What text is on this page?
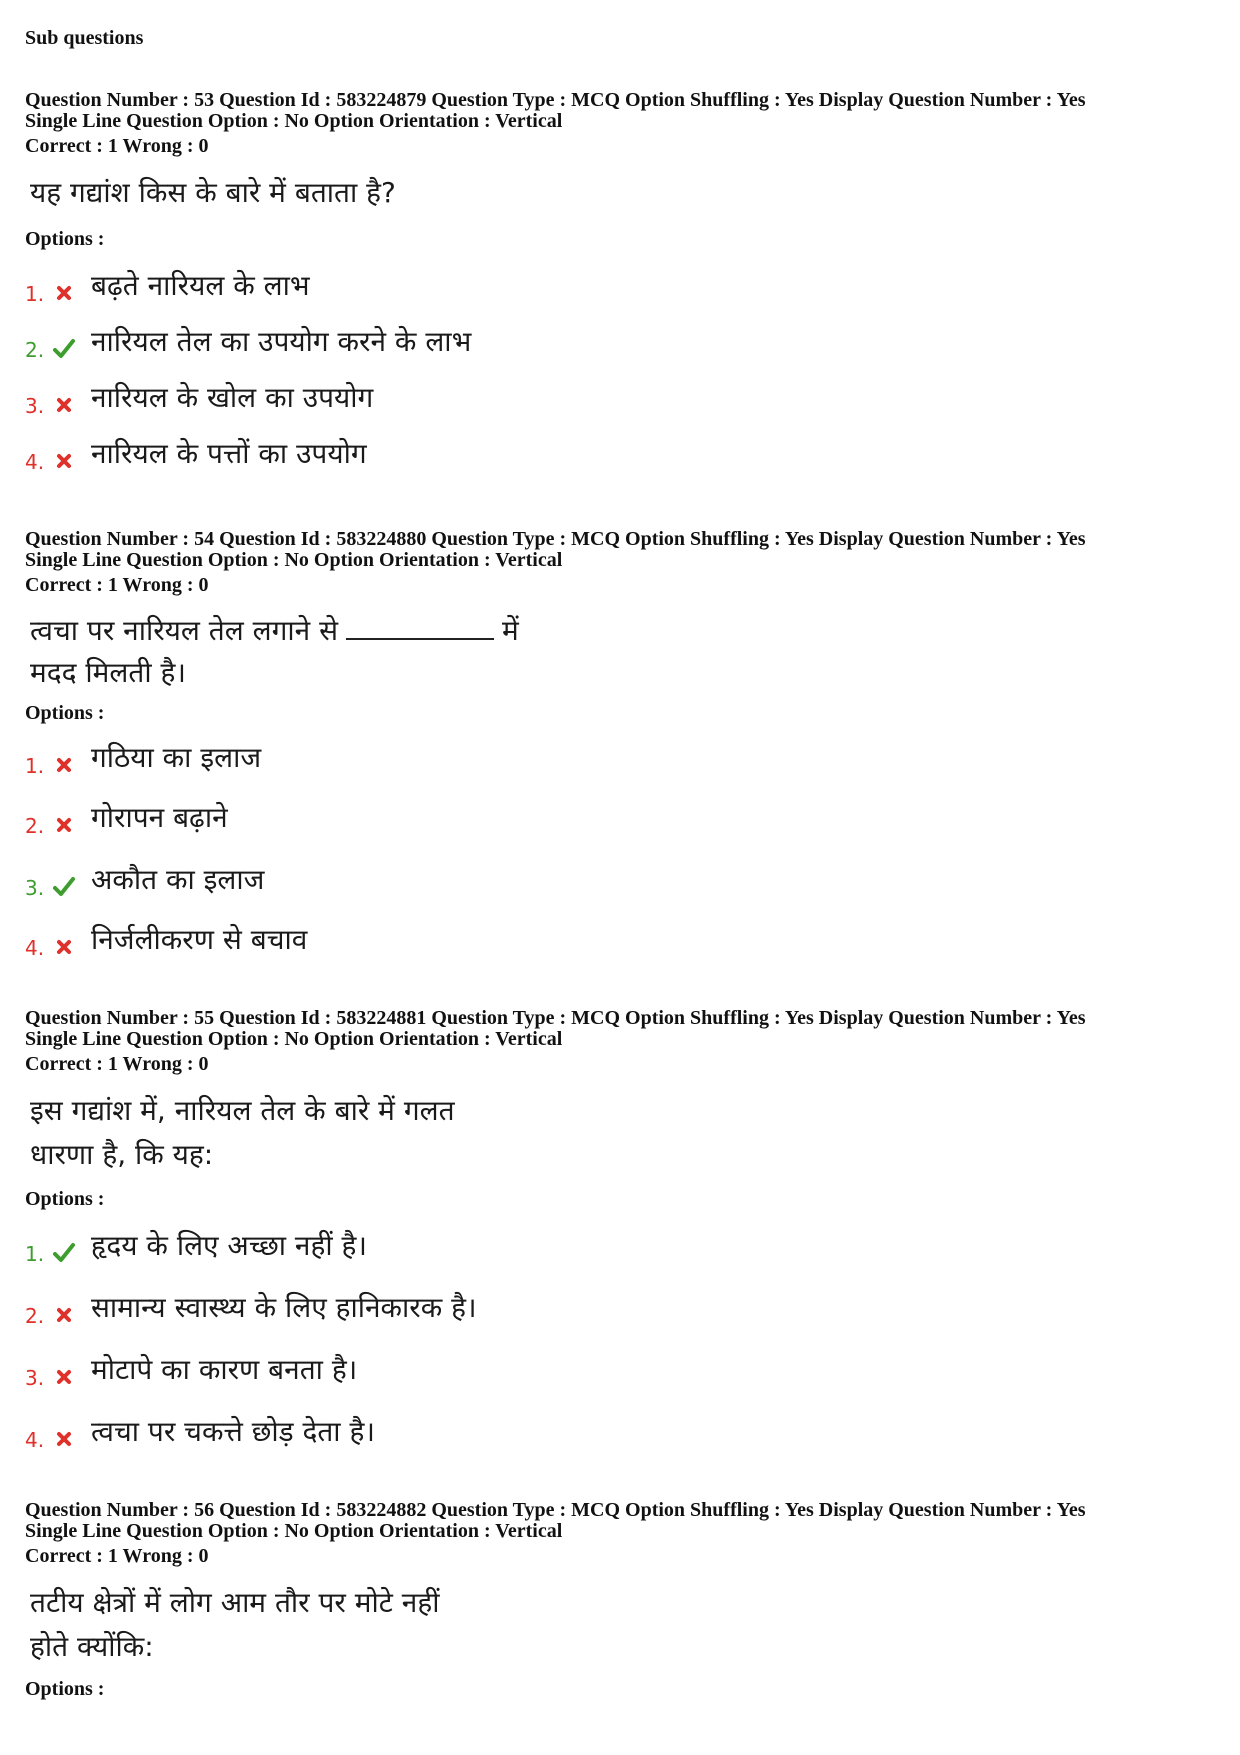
Sub questions
Question Number : 53 Question Id : 583224879 Question Type : MCQ Option Shuffling : Yes Display Question Number : Yes
Single Line Question Option : No Option Orientation : Vertical
Correct : 1 Wrong : 0
यह गद्यांश किस के बारे में बताता है?
Options :
1. बढ़ते नारियल के लाभ
2. नारियल तेल का उपयोग करने के लाभ
3. नारियल के खोल का उपयोग
4. नारियल के पत्तों का उपयोग
Question Number : 54 Question Id : 583224880 Question Type : MCQ Option Shuffling : Yes Display Question Number : Yes
Single Line Question Option : No Option Orientation : Vertical
Correct : 1 Wrong : 0
त्वचा पर नारियल तेल लगाने से	में
मदद मिलती है।
Options :
1. गठिया का इलाज
2. गोरापन बढ़ाने
3. अकौत का इलाज
4. निर्जलीकरण से बचाव
Question Number : 55 Question Id : 583224881 Question Type : MCQ Option Shuffling : Yes Display Question Number : Yes
Single Line Question Option : No Option Orientation : Vertical
Correct : 1 Wrong : 0
इस गद्यांश में, नारियल तेल के बारे में गलत
धारणा है, कि यह:
Options :
1. हृदय के लिए अच्छा नहीं है।
2. सामान्य स्वास्थ्य के लिए हानिकारक है।
3. मोटापे का कारण बनता है।
4. त्वचा पर चकत्ते छोड़ देता है।
Question Number : 56 Question Id : 583224882 Question Type : MCQ Option Shuffling : Yes Display Question Number : Yes
Single Line Question Option : No Option Orientation : Vertical
Correct : 1 Wrong : 0
तटीय क्षेत्रों में लोग आम तौर पर मोटे नहीं
होते क्योंकि:
Options :
